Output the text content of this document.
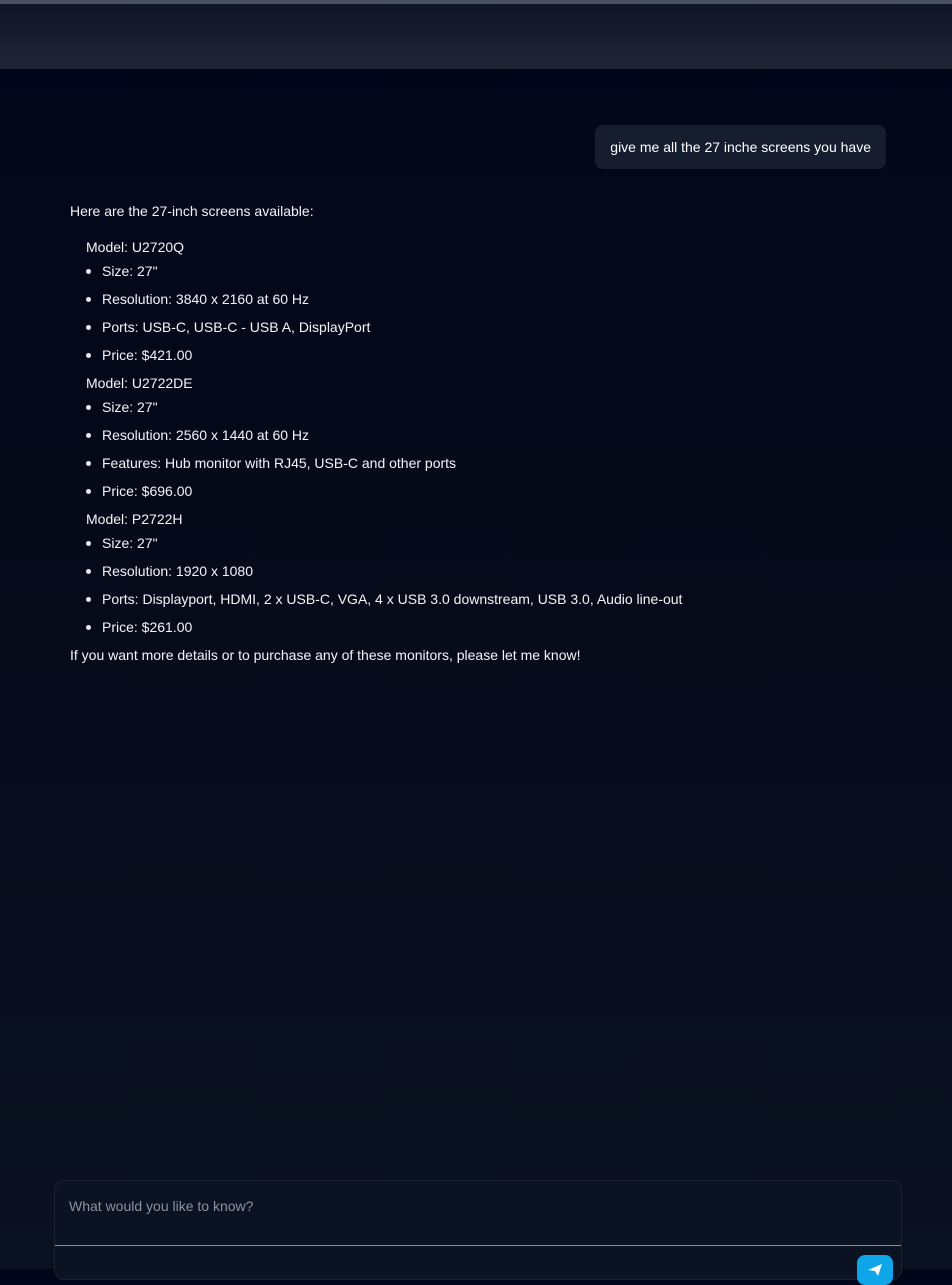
give me all the 27 inche screens you have
Here are the 27-inch screens available:
Model: U2720Q
Size: 27"
Resolution: 3840 x 2160 at 60 Hz
Ports: USB-C, USB-C - USB A, DisplayPort
Price: $421.00
Model: U2722DE
Size: 27"
Resolution: 2560 x 1440 at 60 Hz
Features: Hub monitor with RJ45, USB-C and other ports
Price: $696.00
Model: P2722H
Size: 27"
Resolution: 1920 x 1080
Ports: Displayport, HDMI, 2 x USB-C, VGA, 4 x USB 3.0 downstream, USB 3.0, Audio line-out
Price: $261.00
If you want more details or to purchase any of these monitors, please let me know!
What would you like to know?
